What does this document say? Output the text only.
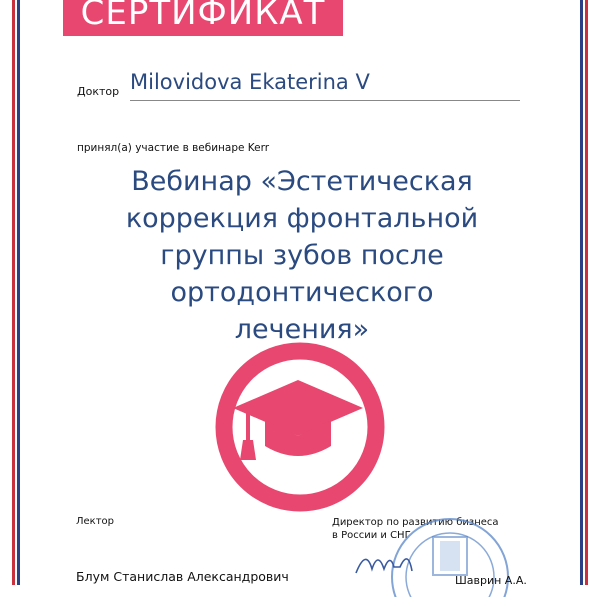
СЕРТИФИКАТ
Доктор Milovidova Ekaterina V
принял(а) участие в вебинаре Kerr
Вебинар «Эстетическая
коррекция фронтальной
группы зубов после
ортодонтического
лечения»
Лектор	Директор по развитию бизнеса
в России и СНГ
Блум Станислав Александрович	Шаврин А.А.
